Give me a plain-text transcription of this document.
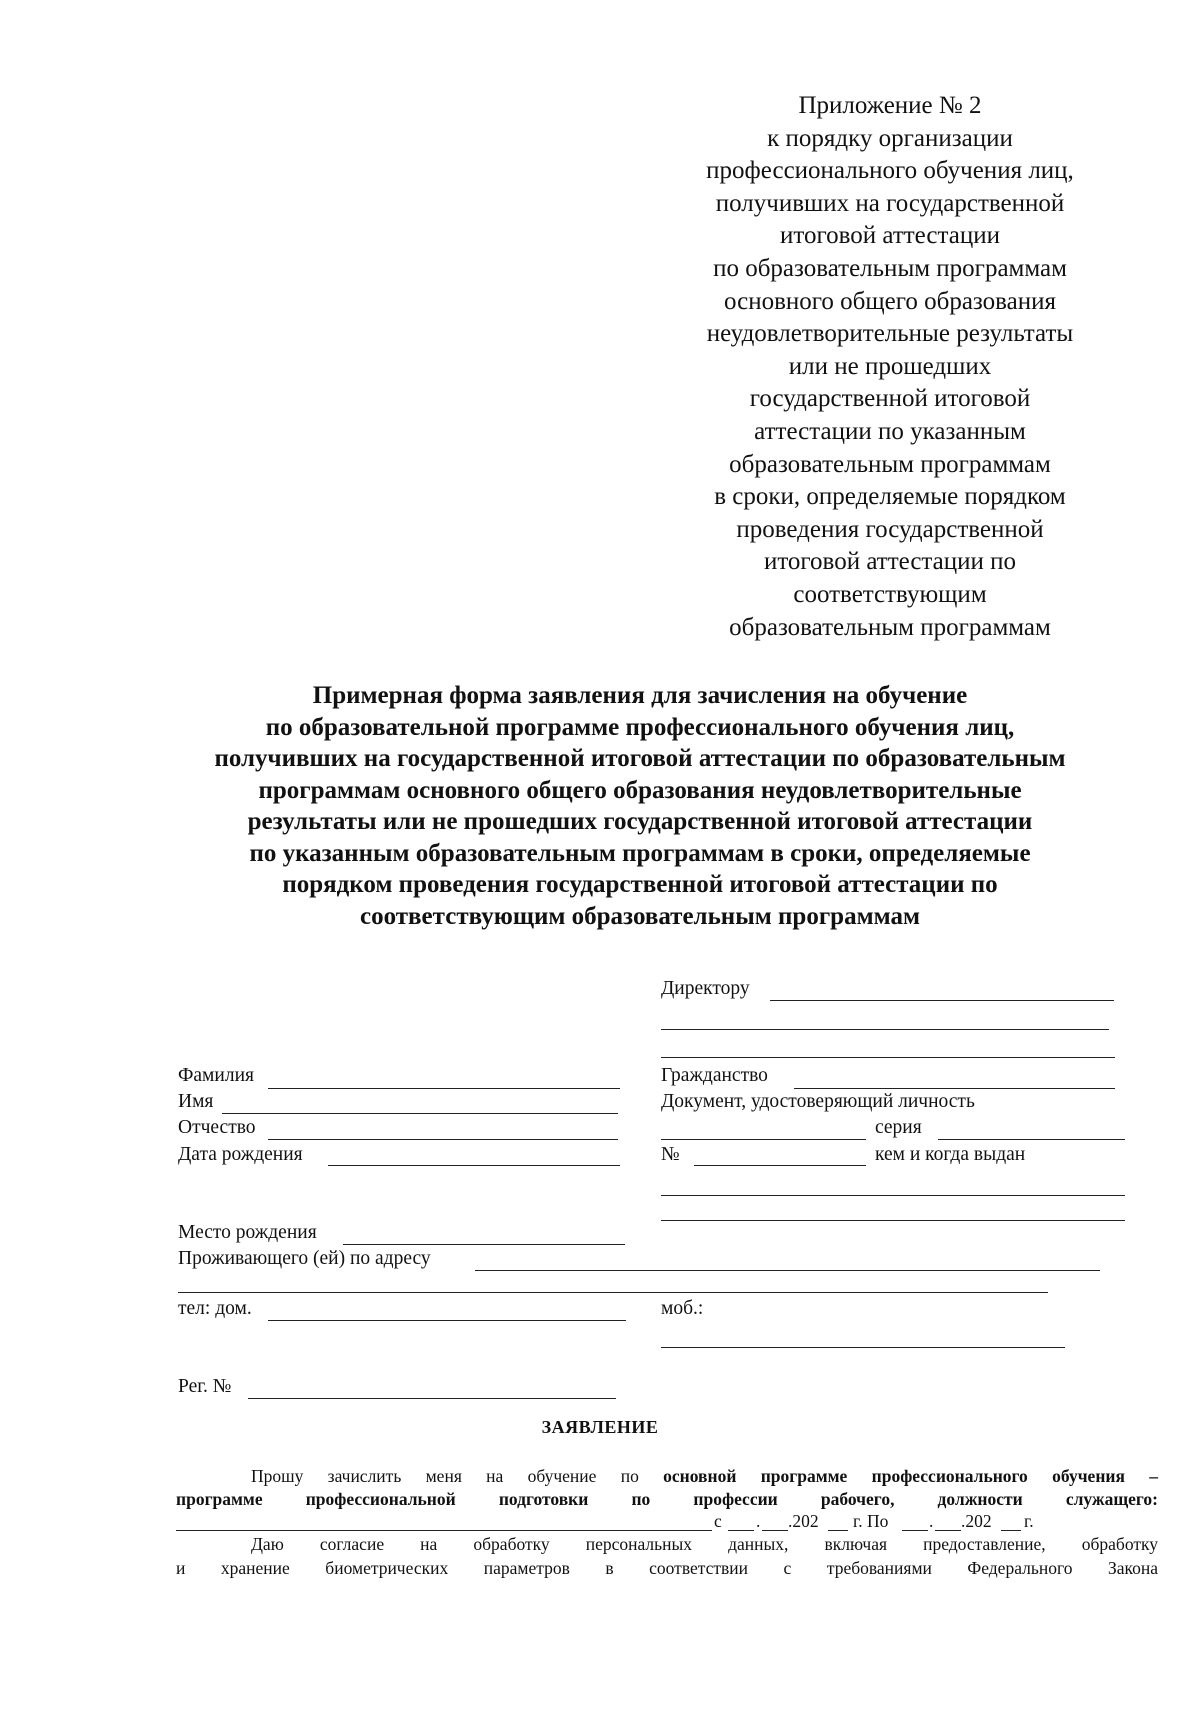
Приложение № 2
к порядку организации
профессионального обучения лиц,
получивших на государственной
итоговой аттестации
по образовательным программам
основного общего образования
неудовлетворительные результаты
или не прошедших
государственной итоговой
аттестации по указанным
образовательным программам
в сроки, определяемые порядком
проведения государственной
итоговой аттестации по
соответствующим
образовательным программам
Примерная форма заявления для зачисления на обучение
по образовательной программе профессионального обучения лиц,
получивших на государственной итоговой аттестации по образовательным
программам основного общего образования неудовлетворительные
результаты или не прошедших государственной итоговой аттестации
по указанным образовательным программам в сроки, определяемые
порядком проведения государственной итоговой аттестации по
соответствующим образовательным программам
Директору
Гражданство
Документ, удостоверяющий личность
серия
№	кем и когда выдан
Фамилия
Имя
Отчество
Дата рождения
Место рождения
Проживающего (ей) по адресу
тел: дом.	моб.:
Рег. №
ЗАЯВЛЕНИЕ
Прошу зачислить меня на обучение по основной программе профессионального обучения –
программе профессиональной подготовки по профессии рабочего, должности служащего:
с . .202 г. По . .202 г.
Даю согласие на обработку персональных данных, включая предоставление, обработку
и хранение биометрических параметров в соответствии с требованиями Федерального Закона
